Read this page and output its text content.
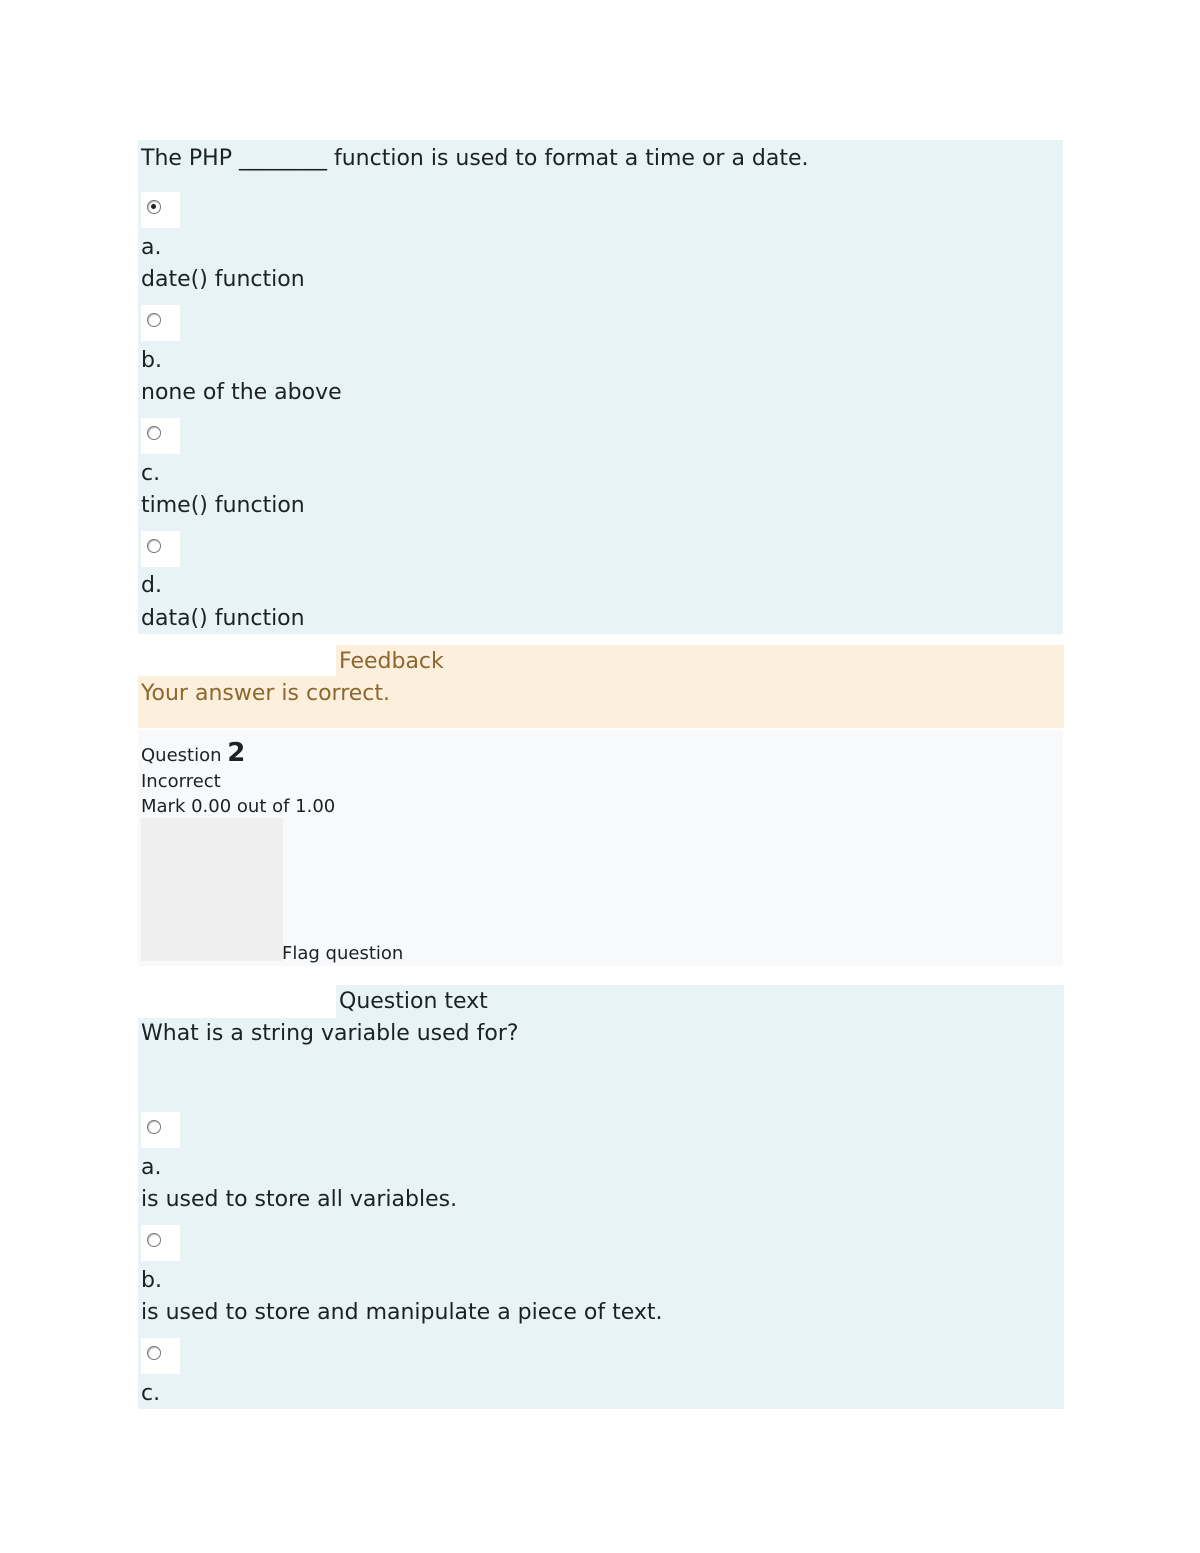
The PHP ________ function is used to format a time or a date.
a.
date() function
b.
none of the above
c.
time() function
d.
data() function
Feedback
Your answer is correct.
Question 2
Incorrect
Mark 0.00 out of 1.00
Flag question
Question text
What is a string variable used for?
a.
is used to store all variables.
b.
is used to store and manipulate a piece of text.
c.
